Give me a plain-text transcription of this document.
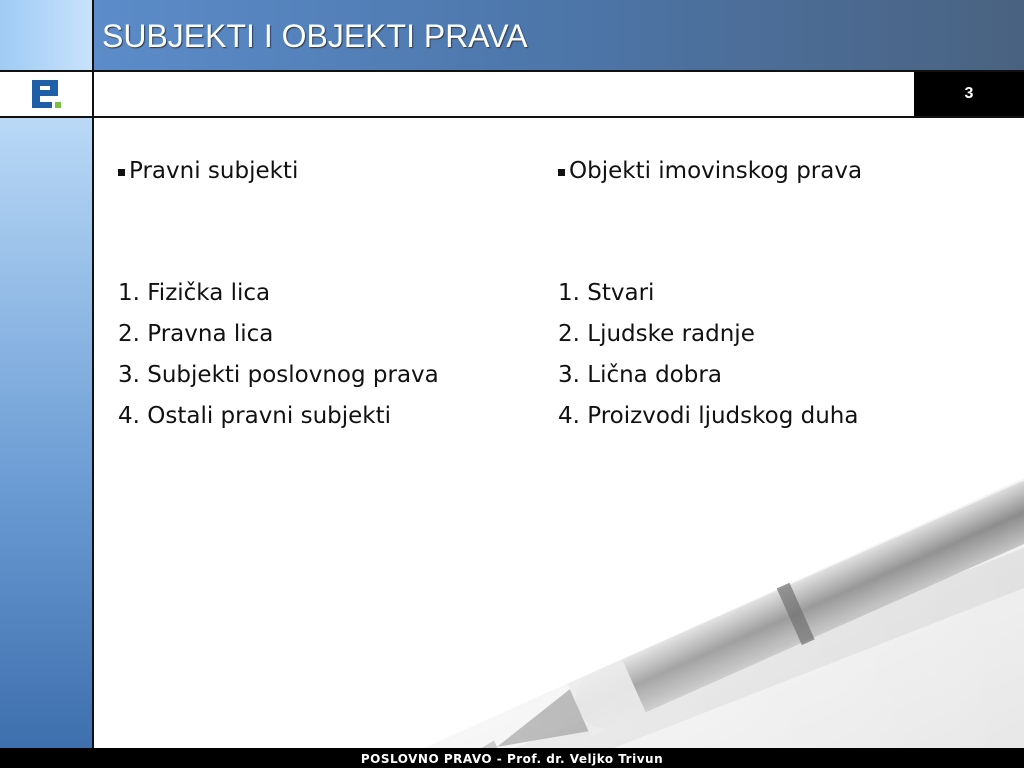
SUBJEKTI I OBJEKTI PRAVA
3
Pravni subjekti
1. Fizička lica
2. Pravna lica
3. Subjekti poslovnog prava
4. Ostali pravni subjekti
Objekti imovinskog prava
1. Stvari
2. Ljudske radnje
3. Lična dobra
4. Proizvodi ljudskog duha
POSLOVNO PRAVO - Prof. dr. Veljko Trivun
